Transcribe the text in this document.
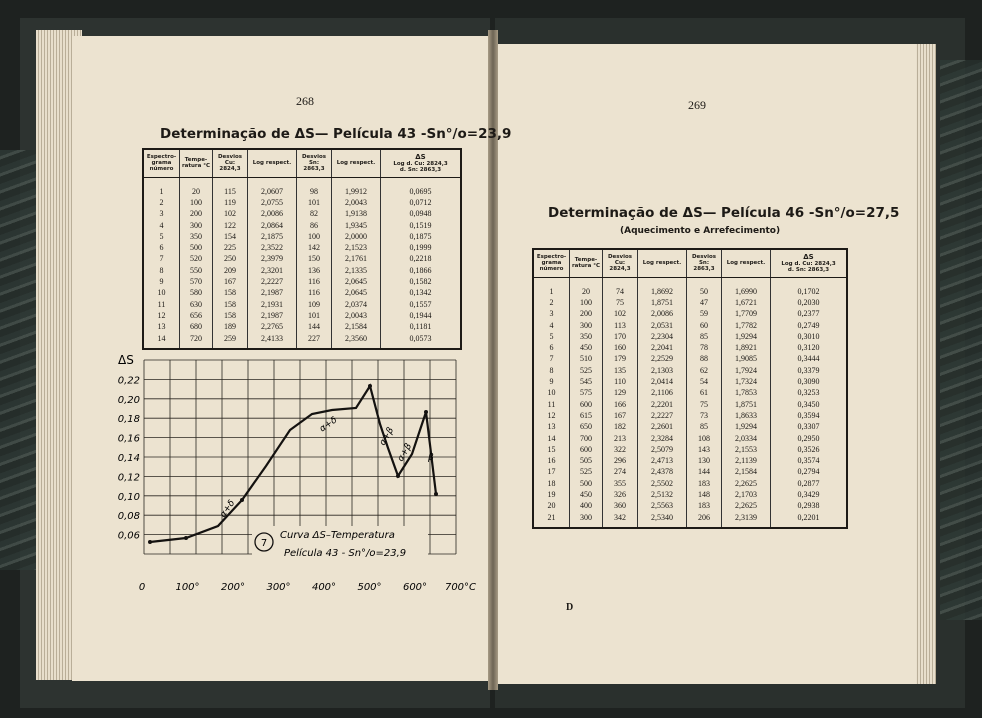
268
Determinação de ΔS— Película 43 -Sn°/o=23,9
Espectro- grama número	Tempe- ratura °C	Desvios Cu: 2824,3	Log respect.	Desvios Sn: 2863,3	Log respect.	ΔS
Log d. Cu: 2824,3
d. Sn: 2863,3

1	20	115	2,0607	98	1,9912	0,0695
2	100	119	2,0755	101	2,0043	0,0712
3	200	102	2,0086	82	1,9138	0,0948
4	300	122	2,0864	86	1,9345	0,1519
5	350	154	2,1875	100	2,0000	0,1875
6	500	225	2,3522	142	2,1523	0,1999
7	520	250	2,3979	150	2,1761	0,2218
8	550	209	2,3201	136	2,1335	0,1866
9	570	167	2,2227	116	2,0645	0,1582
10	580	158	2,1987	116	2,0645	0,1342
11	630	158	2,1931	109	2,0374	0,1557
12	656	158	2,1987	101	2,0043	0,1944
13	680	189	2,2765	144	2,1584	0,1181
14	720	259	2,4133	227	2,3560	0,0573
0,22
0,20
0,18
0,16
0,14
0,12
0,10
0,08
0,06
0	100° 200° 300° 400° 500° 600° 700°C
ΔS
α+δ
α+δ
α+β
α+β β
7
Curva ΔS–Temperatura
Película 43 - Sn°/o=23,9
269
Determinação de ΔS— Película 46 -Sn°/o=27,5
(Aquecimento e Arrefecimento)
Espectro- grama número	Tempe- ratura °C	Desvios Cu: 2824,3	Log respect.	Desvios Sn: 2863,3	Log respect.	ΔS
Log d. Cu: 2824,3
d. Sn: 2863,3

1	20	74	1,8692	50	1,6990	0,1702
2	100	75	1,8751	47	1,6721	0,2030
3	200	102	2,0086	59	1,7709	0,2377
4	300	113	2,0531	60	1,7782	0,2749
5	350	170	2,2304	85	1,9294	0,3010
6	450	160	2,2041	78	1,8921	0,3120
7	510	179	2,2529	88	1,9085	0,3444
8	525	135	2,1303	62	1,7924	0,3379
9	545	110	2,0414	54	1,7324	0,3090
10	575	129	2,1106	61	1,7853	0,3253
11	600	166	2,2201	75	1,8751	0,3450
12	615	167	2,2227	73	1,8633	0,3594
13	650	182	2,2601	85	1,9294	0,3307
14	700	213	2,3284	108	2,0334	0,2950
15	600	322	2,5079	143	2,1553	0,3526
16	505	296	2,4713	130	2,1139	0,3574
17	525	274	2,4378	144	2,1584	0,2794
18	500	355	2,5502	183	2,2625	0,2877
19	450	326	2,5132	148	2,1703	0,3429
20	400	360	2,5563	183	2,2625	0,2938
21	300	342	2,5340	206	2,3139	0,2201
D
